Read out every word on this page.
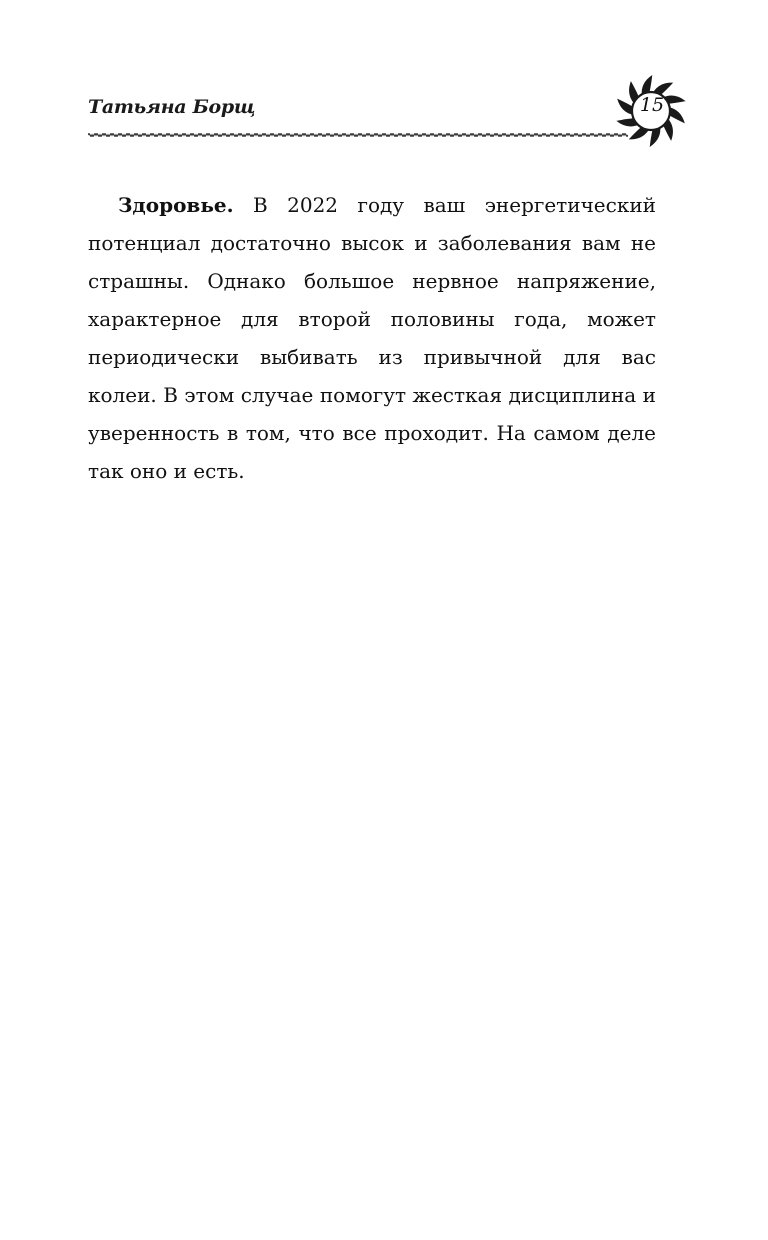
Татьяна Борщ	15

Здоровье. В 2022 году ваш энергетический потенциал достаточно высок и заболевания вам не страшны. Однако большое нервное напряжение, характерное для второй половины года, может периодически выбивать из привычной для вас колеи. В этом случае помогут жесткая дисциплина и уверенность в том, что все проходит. На самом деле так оно и есть.
